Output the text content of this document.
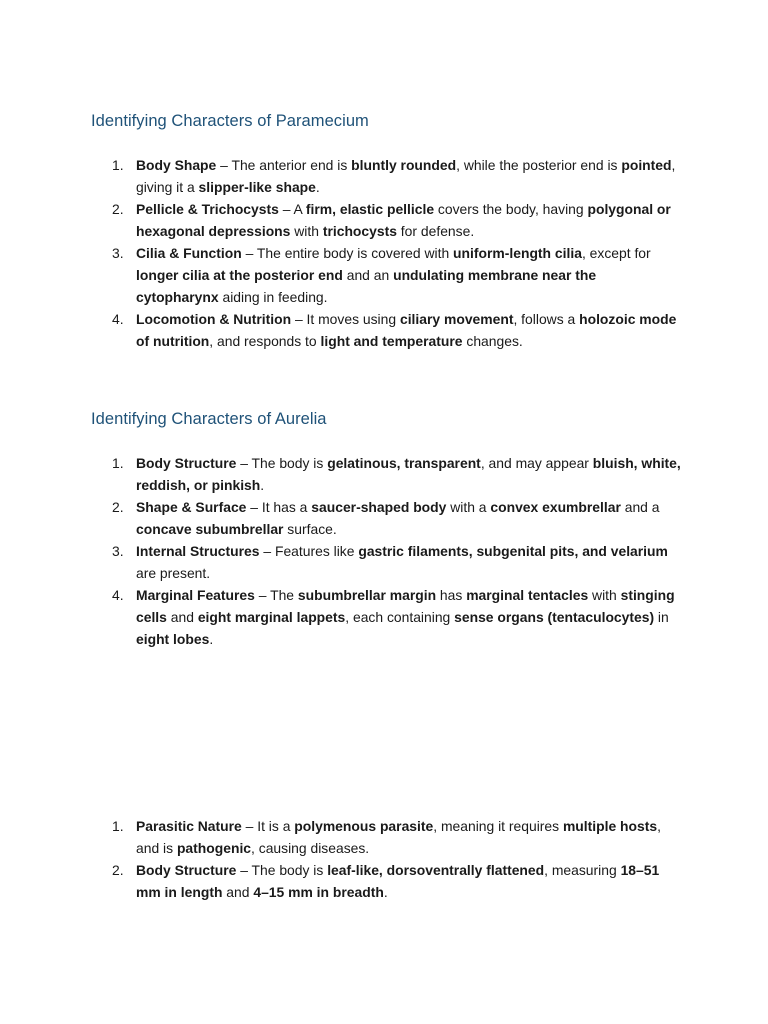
Identifying Characters of Paramecium
1. Body Shape – The anterior end is bluntly rounded, while the posterior end is pointed, giving it a slipper-like shape.
2. Pellicle & Trichocysts – A firm, elastic pellicle covers the body, having polygonal or hexagonal depressions with trichocysts for defense.
3. Cilia & Function – The entire body is covered with uniform-length cilia, except for longer cilia at the posterior end and an undulating membrane near the cytopharynx aiding in feeding.
4. Locomotion & Nutrition – It moves using ciliary movement, follows a holozoic mode of nutrition, and responds to light and temperature changes.
Identifying Characters of Aurelia
1. Body Structure – The body is gelatinous, transparent, and may appear bluish, white, reddish, or pinkish.
2. Shape & Surface – It has a saucer-shaped body with a convex exumbrellar and a concave subumbrellar surface.
3. Internal Structures – Features like gastric filaments, subgenital pits, and velarium are present.
4. Marginal Features – The subumbrellar margin has marginal tentacles with stinging cells and eight marginal lappets, each containing sense organs (tentaculocytes) in eight lobes.
1. Parasitic Nature – It is a polymenous parasite, meaning it requires multiple hosts, and is pathogenic, causing diseases.
2. Body Structure – The body is leaf-like, dorsoventrally flattened, measuring 18–51 mm in length and 4–15 mm in breadth.
